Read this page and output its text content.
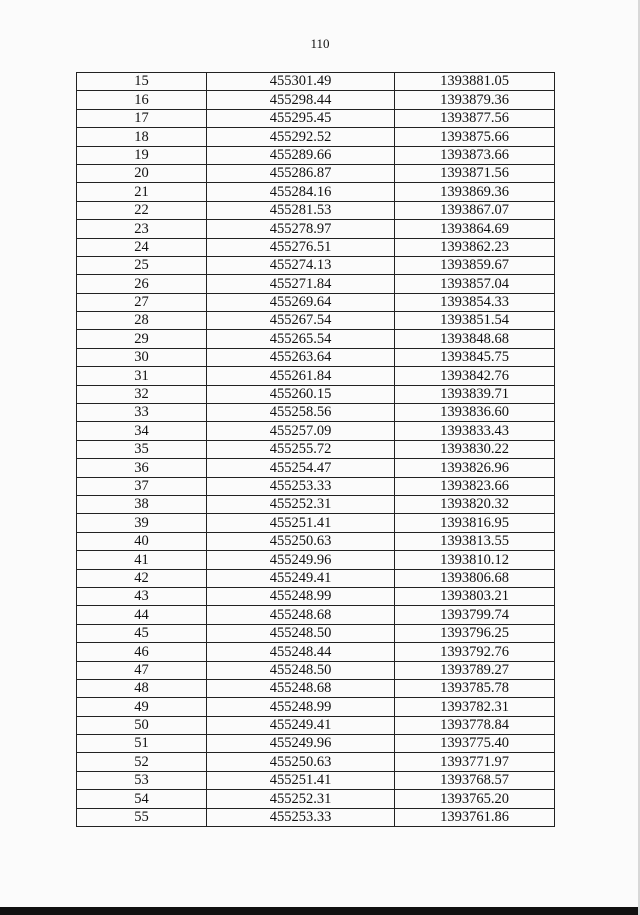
110
15	455301.49	1393881.05
16	455298.44	1393879.36
17	455295.45	1393877.56
18	455292.52	1393875.66
19	455289.66	1393873.66
20	455286.87	1393871.56
21	455284.16	1393869.36
22	455281.53	1393867.07
23	455278.97	1393864.69
24	455276.51	1393862.23
25	455274.13	1393859.67
26	455271.84	1393857.04
27	455269.64	1393854.33
28	455267.54	1393851.54
29	455265.54	1393848.68
30	455263.64	1393845.75
31	455261.84	1393842.76
32	455260.15	1393839.71
33	455258.56	1393836.60
34	455257.09	1393833.43
35	455255.72	1393830.22
36	455254.47	1393826.96
37	455253.33	1393823.66
38	455252.31	1393820.32
39	455251.41	1393816.95
40	455250.63	1393813.55
41	455249.96	1393810.12
42	455249.41	1393806.68
43	455248.99	1393803.21
44	455248.68	1393799.74
45	455248.50	1393796.25
46	455248.44	1393792.76
47	455248.50	1393789.27
48	455248.68	1393785.78
49	455248.99	1393782.31
50	455249.41	1393778.84
51	455249.96	1393775.40
52	455250.63	1393771.97
53	455251.41	1393768.57
54	455252.31	1393765.20
55	455253.33	1393761.86
